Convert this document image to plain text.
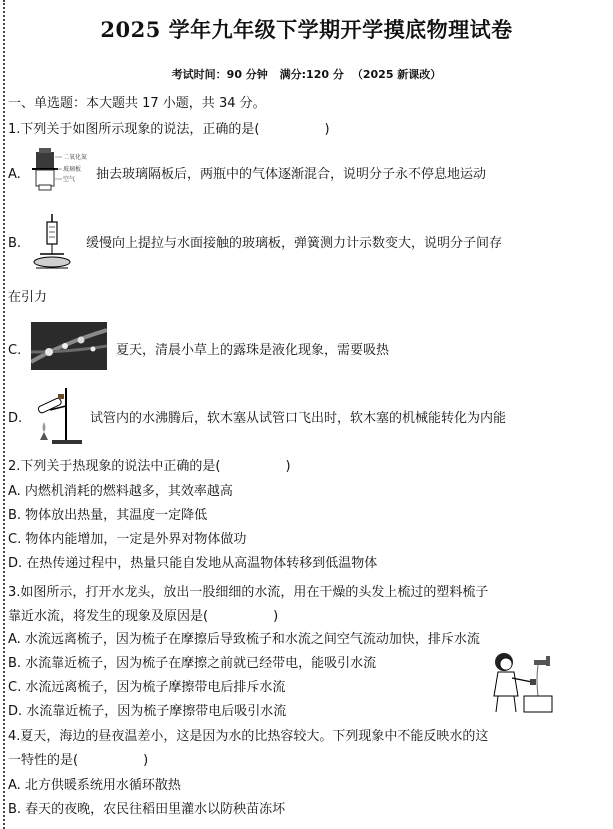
2025 学年九年级下学期开学摸底物理试卷
考试时间：90 分钟 满分:120 分 （2025 新课改）
一、单选题：本大题共 17 小题，共 34 分。
1.下列关于如图所示现象的说法，正确的是(　　　　　)
A.
二氧化氮
玻璃板
空气 抽去玻璃隔板后，两瓶中的气体逐渐混合，说明分子永不停息地运动
B.	缓慢向上提拉与水面接触的玻璃板，弹簧测力计示数变大，说明分子间存
在引力
C.	夏天，清晨小草上的露珠是液化现象，需要吸热
D.	试管内的水沸腾后，软木塞从试管口飞出时，软木塞的机械能转化为内能
2.下列关于热现象的说法中正确的是(　　　　　)
A. 内燃机消耗的燃料越多，其效率越高
B. 物体放出热量，其温度一定降低
C. 物体内能增加，一定是外界对物体做功
D. 在热传递过程中，热量只能自发地从高温物体转移到低温物体
3.如图所示，打开水龙头，放出一股细细的水流，用在干燥的头发上梳过的塑料梳子
靠近水流，将发生的现象及原因是(　　　　　)
A. 水流远离梳子，因为梳子在摩擦后导致梳子和水流之间空气流动加快，排斥水流
B. 水流靠近梳子，因为梳子在摩擦之前就已经带电，能吸引水流
C. 水流远离梳子，因为梳子摩擦带电后排斥水流
D. 水流靠近梳子，因为梳子摩擦带电后吸引水流
4.夏天，海边的昼夜温差小，这是因为水的比热容较大。下列现象中不能反映水的这
一特性的是(　　　　　)
A. 北方供暖系统用水循环散热
B. 春天的夜晚，农民往稻田里灌水以防秧苗冻坏
